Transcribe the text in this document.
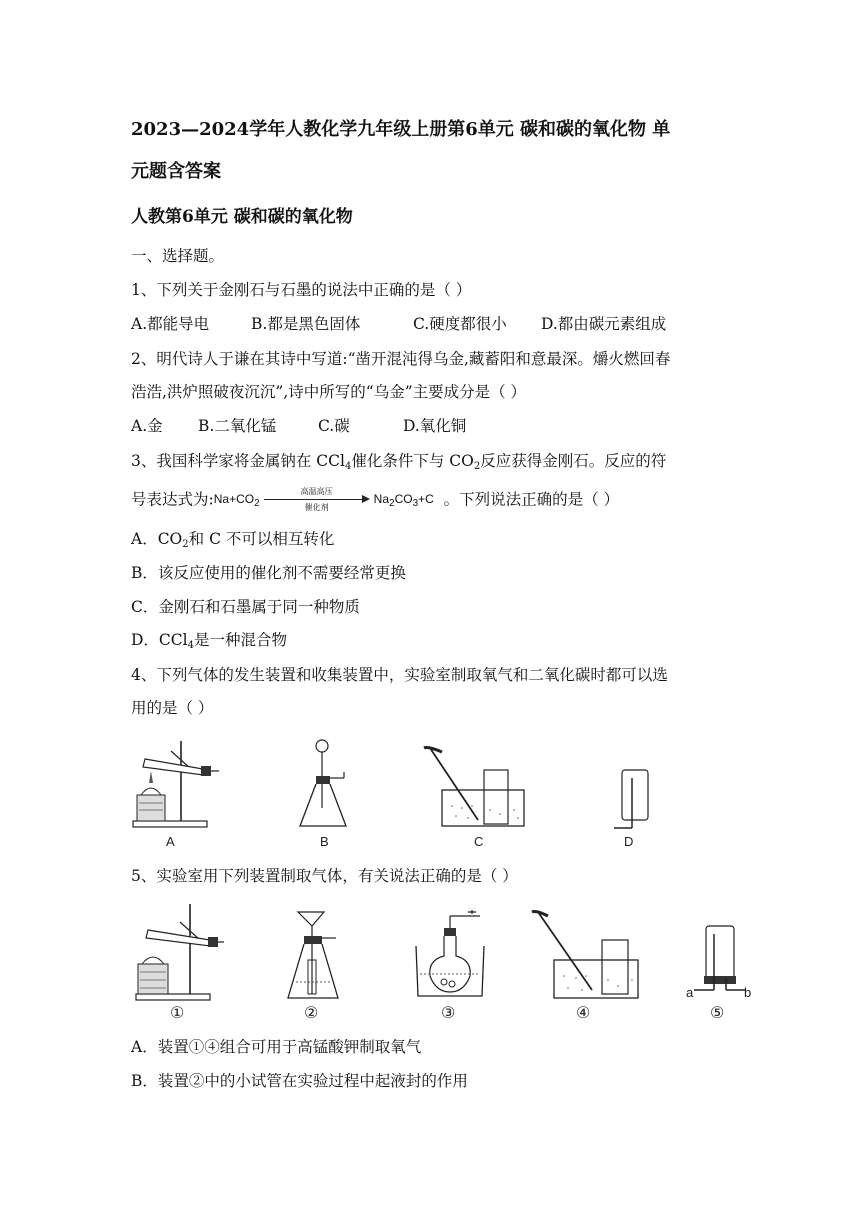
2023—2024学年人教化学九年级上册第6单元 碳和碳的氧化物 单
元题含答案
人教第6单元 碳和碳的氧化物
一、选择题。
1、下列关于金刚石与石墨的说法中正确的是（ ）
A.都能导电	B.都是黑色固体	C.硬度都很小 D.都由碳元素组成
2、明代诗人于谦在其诗中写道:“凿开混沌得乌金,藏蓄阳和意最深。爝火燃回春
浩浩,洪炉照破夜沉沉”,诗中所写的“乌金”主要成分是（ ）
A.金 B.二氧化锰	C.碳	D.氧化铜
3、我国科学家将金属钠在 CCl$_4$催化条件下与 $CO_2$反应获得金刚石。反应的符
号表达式为$:Na+CO_2$
高温高压
催化剂
$Na_2CO_3+C$ 。下列说法正确的是（ ）
A．$CO_2$和 C 不可以相互转化
B．该反应使用的催化剂不需要经常更换
C．金刚石和石墨属于同一种物质
D．CCl$_4$是一种混合物
4、下列气体的发生装置和收集装置中，实验室制取氧气和二氧化碳时都可以选
用的是（ ）
A	B	C	D
5、实验室用下列装置制取气体，有关说法正确的是（ ）
①	②	③	④
a	b
⑤
A．装置①④组合可用于高锰酸钾制取氧气
B．装置②中的小试管在实验过程中起液封的作用
